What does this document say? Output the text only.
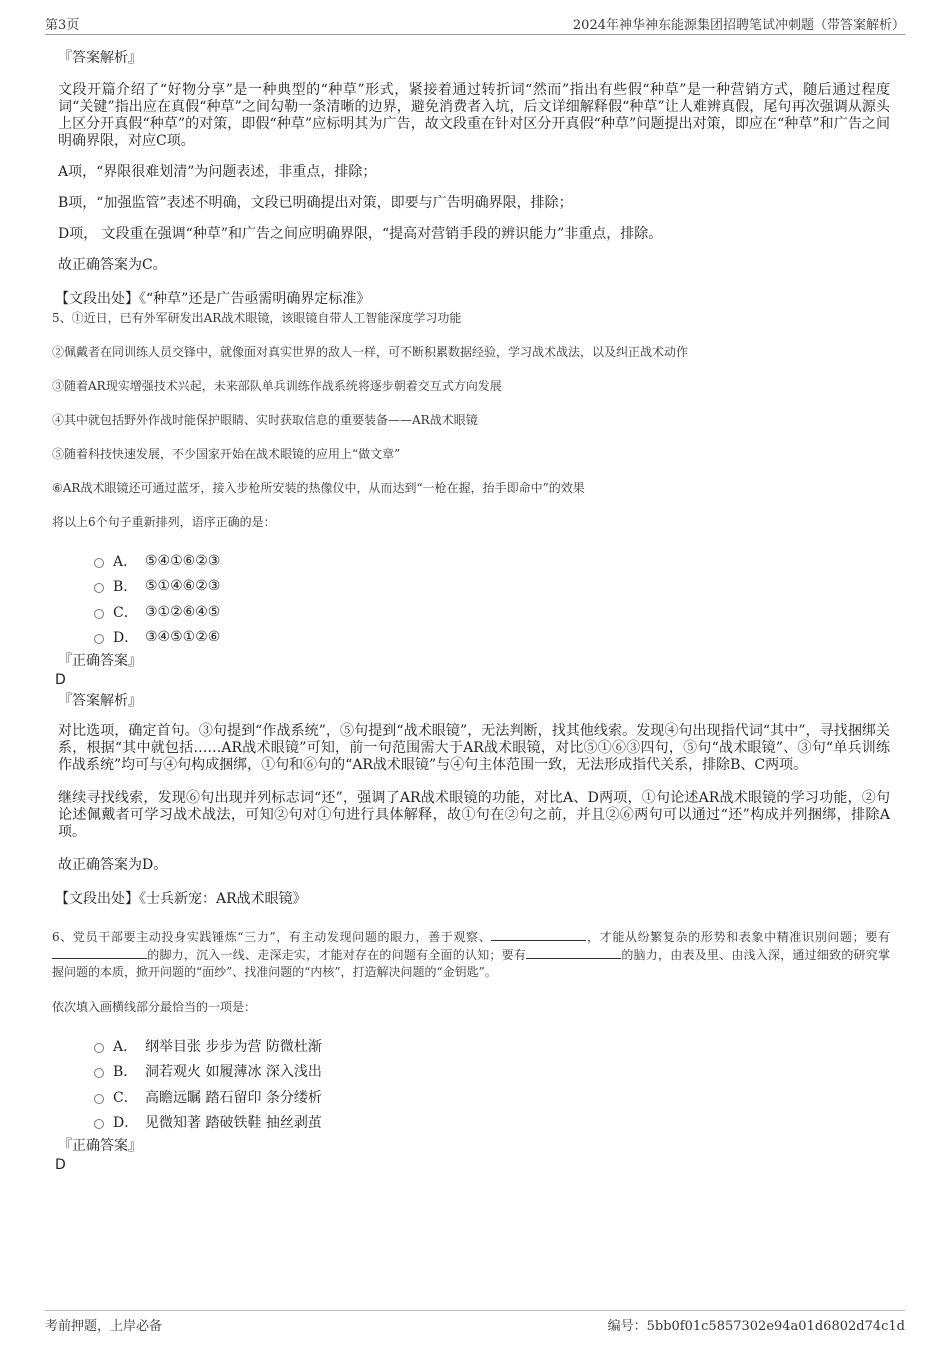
第3页	2024年神华神东能源集团招聘笔试冲刺题（带答案解析）
『答案解析』

文段开篇介绍了“好物分享”是一种典型的“种草”形式，紧接着通过转折词“然而”指出有些假“种草”是一种营销方式，随后通过程度词“关键”指出应在真假“种草”之间勾勒一条清晰的边界，避免消费者入坑，后文详细解释假“种草”让人难辨真假，尾句再次强调从源头上区分开真假“种草”的对策，即假“种草”应标明其为广告，故文段重在针对区分开真假“种草”问题提出对策，即应在“种草”和广告之间明确界限，对应C项。

A项，“界限很难划清”为问题表述，非重点，排除；

B项，“加强监管”表述不明确，文段已明确提出对策，即要与广告明确界限，排除；

D项， 文段重在强调“种草”和广告之间应明确界限，“提高对营销手段的辨识能力”非重点，排除。

故正确答案为C。

【文段出处】《“种草”还是广告亟需明确界定标准》

5、①近日，已有外军研发出AR战术眼镜，该眼镜自带人工智能深度学习功能

②佩戴者在同训练人员交锋中，就像面对真实世界的敌人一样，可不断积累数据经验，学习战术战法，以及纠正战术动作

③随着AR现实增强技术兴起，未来部队单兵训练作战系统将逐步朝着交互式方向发展

④其中就包括野外作战时能保护眼睛、实时获取信息的重要装备——AR战术眼镜

⑤随着科技快速发展，不少国家开始在战术眼镜的应用上“做文章”

⑥AR战术眼镜还可通过蓝牙，接入步枪所安装的热像仪中，从而达到“一枪在握，抬手即命中”的效果

将以上6个句子重新排列，语序正确的是：

A． ⑤④①⑥②③
B． ⑤①④⑥②③
C． ③①②⑥④⑤
D． ③④⑤①②⑥
『正确答案』
D
『答案解析』

对比选项，确定首句。③句提到“作战系统”，⑤句提到“战术眼镜”，无法判断，找其他线索。发现④句出现指代词“其中”，寻找捆绑关系，根据“其中就包括……AR战术眼镜”可知，前一句范围需大于AR战术眼镜，对比⑤①⑥③四句，⑤句“战术眼镜”、③句“单兵训练作战系统”均可与④句构成捆绑，①句和⑥句的“AR战术眼镜”与④句主体范围一致，无法形成指代关系，排除B、C两项。

继续寻找线索，发现⑥句出现并列标志词“还”，强调了AR战术眼镜的功能，对比A、D两项，①句论述AR战术眼镜的学习功能，②句论述佩戴者可学习战术战法，可知②句对①句进行具体解释，故①句在②句之前，并且②⑥两句可以通过“还”构成并列捆绑，排除A项。

故正确答案为D。

【文段出处】《士兵新宠：AR战术眼镜》

6、党员干部要主动投身实践锤炼“三力”，有主动发现问题的眼力，善于观察、	，才能从纷繁复杂的形势和表象中精准识别问题；要有的脚力，沉入一线、走深走实，才能对存在的问题有全面的认知；要有	的脑力，由表及里、由浅入深，通过细致的研究掌握问题的本质，掀开问题的“面纱”、找准问题的“内核”，打造解决问题的“金钥匙”。

依次填入画横线部分最恰当的一项是：

A． 纲举目张 步步为营 防微杜渐
B． 洞若观火 如履薄冰 深入浅出
C． 高瞻远瞩 踏石留印 条分缕析
D． 见微知著 踏破铁鞋 抽丝剥茧
『正确答案』
D
考前押题，上岸必备	编号：5bb0f01c5857302e94a01d6802d74c1d
